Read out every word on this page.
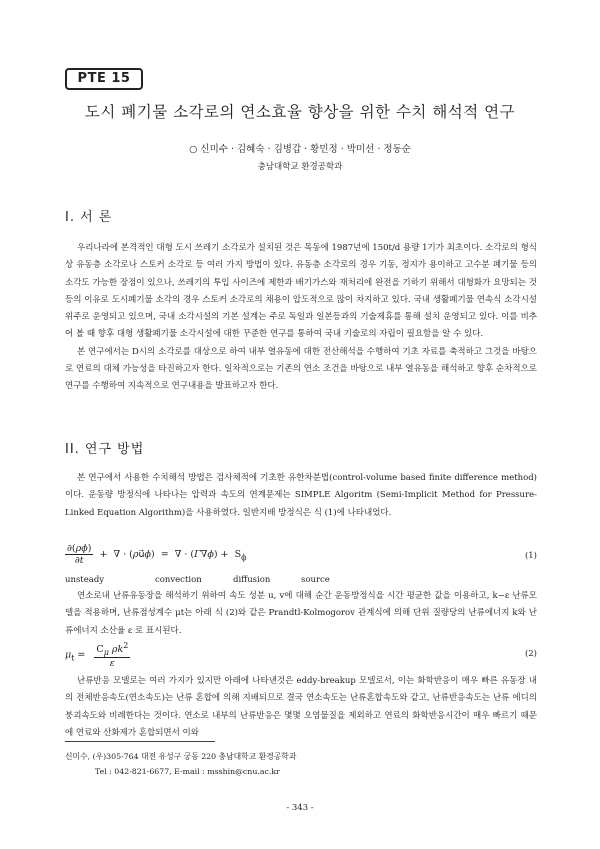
PTE 15
도시 폐기물 소각로의 연소효율 향상을 위한 수치 해석적 연구
○ 신미수 · 김혜숙 · 김병갑 · 황민정 · 박미선 · 정동순
충남대학교 환경공학과
I. 서 론

우리나라에 본격적인 대형 도시 쓰레기 소각로가 설치된 것은 목동에 1987년에 150t/d 용량 1기가 최초이다. 소각로의 형식상 유동층 소각로나 스토커 소각로 등 여러 가지 방법이 있다. 유동층 소각로의 경우 기동, 정지가 용이하고 고수분 폐기물 등의 소각도 가능한 장점이 있으나, 쓰레기의 투입 사이즈에 제한과 배기가스와 재처리에 완전을 기하기 위해서 대형화가 요망되는 것 등의 이유로 도시폐기물 소각의 경우 스토커 소각로의 채용이 압도적으로 많이 차지하고 있다. 국내 생활폐기물 연속식 소각시설 위주로 운영되고 있으며, 국내 소각시설의 기본 설계는 주로 독일과 일본등과의 기술제휴를 통해 설치 운영되고 있다. 이를 비추어 볼 때 향후 대형 생활폐기물 소각시설에 대한 꾸준한 연구를 통하여 국내 기술로의 자립이 필요함을 알 수 있다.

본 연구에서는 D시의 소각로를 대상으로 하여 내부 열유동에 대한 전산해석을 수행하여 기초 자료를 축적하고 그것을 바탕으로 연료의 대체 가능성을 타진하고자 한다. 일차적으로는 기존의 연소 조건을 바탕으로 내부 열유동을 해석하고 향후 순차적으로 연구를 수행하여 지속적으로 연구내용을 발표하고자 한다.

II. 연구 방법

본 연구에서 사용한 수치해석 방법은 검사체적에 기초한 유한차분법(control-volume based finite difference method)이다. 운동량 방정식에 나타나는 압력과 속도의 연계문제는 SIMPLE Algoritm (Semi-Implicit Method for Pressure-Linked Equation Algorithm)을 사용하였다. 일반지배 방정식은 식 (1)에 나타내었다.

$\frac{\partial(\rho\phi)}{\partial t}$ +  ∇ · (ρu⃗ϕ)  =  ∇ · $(\Gamma\nabla\phi) + S_\phi$	(1)
unsteady	convection	diffusion	source

연소로내 난류유동장을 해석하기 위하여 속도 성분 u, v에 대해 순간 운동방정식을 시간 평균한 값을 이용하고, k−ε 난류모델을 적용하며, 난류점성계수 μt는 아래 식 (2)와 같은 Prandtl-Kolmogorov 관계식에 의해 단위 질량당의 난류에너지 k와 난류에너지 소산율 ε 로 표시된다.

$\mu_t = \frac{C_\mu \rho k^2}{\varepsilon}$	(2)

난류반응 모델로는 여러 가지가 있지만 아래에 나타낸것은 eddy-breakup 모델로서, 이는 화학반응이 매우 빠른 유동장 내의 전체반응속도(연소속도)는 난류 혼합에 의해 지배되므로 결국 연소속도는 난류혼합속도와 같고, 난류반응속도는 난류 에디의 붕괴속도와 비례한다는 것이다. 연소로 내부의 난류반응은 몇몇 오염물질을 제외하고 연료의 화학반응시간이 매우 빠르기 때문에 연료와 산화제가 혼합되면서 이와

신미수, (우)305-764 대전 유성구 궁동 220 충남대학교 환경공학과
Tel : 042-821-6677, E-mail : msshin@cnu.ac.kr
- 343 -
